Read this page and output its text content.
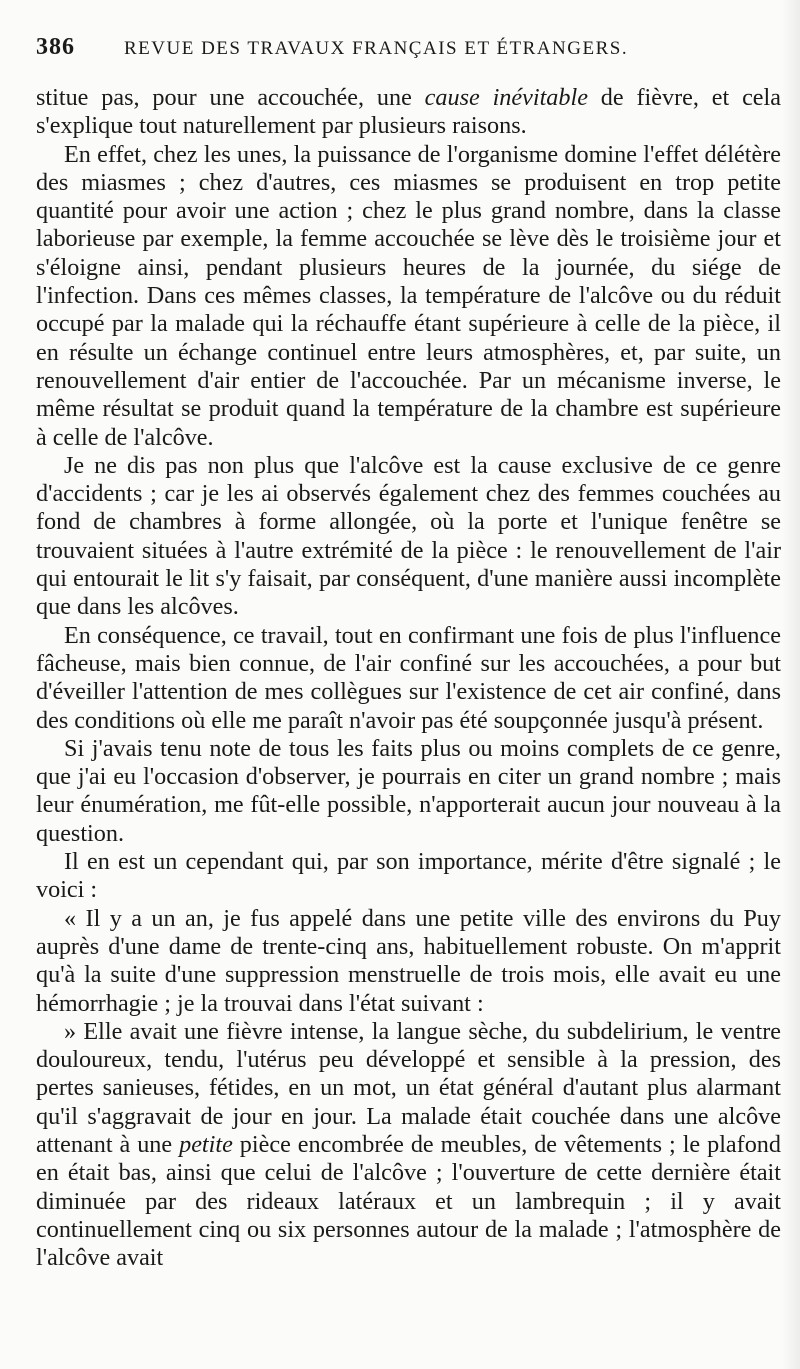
386	REVUE DES TRAVAUX FRANÇAIS ET ÉTRANGERS.

stitue pas, pour une accouchée, une cause inévitable de fièvre, et cela s'explique tout naturellement par plusieurs raisons.

En effet, chez les unes, la puissance de l'organisme domine l'effet délétère des miasmes ; chez d'autres, ces miasmes se produisent en trop petite quantité pour avoir une action ; chez le plus grand nombre, dans la classe laborieuse par exemple, la femme accouchée se lève dès le troisième jour et s'éloigne ainsi, pendant plusieurs heures de la journée, du siége de l'infection. Dans ces mêmes classes, la température de l'alcôve ou du réduit occupé par la malade qui la réchauffe étant supérieure à celle de la pièce, il en résulte un échange continuel entre leurs atmosphères, et, par suite, un renouvellement d'air entier de l'accouchée. Par un mécanisme inverse, le même résultat se produit quand la température de la chambre est supérieure à celle de l'alcôve.

Je ne dis pas non plus que l'alcôve est la cause exclusive de ce genre d'accidents ; car je les ai observés également chez des femmes couchées au fond de chambres à forme allongée, où la porte et l'unique fenêtre se trouvaient situées à l'autre extrémité de la pièce : le renouvellement de l'air qui entourait le lit s'y faisait, par conséquent, d'une manière aussi incomplète que dans les alcôves.

En conséquence, ce travail, tout en confirmant une fois de plus l'influence fâcheuse, mais bien connue, de l'air confiné sur les accouchées, a pour but d'éveiller l'attention de mes collègues sur l'existence de cet air confiné, dans des conditions où elle me paraît n'avoir pas été soupçonnée jusqu'à présent.

Si j'avais tenu note de tous les faits plus ou moins complets de ce genre, que j'ai eu l'occasion d'observer, je pourrais en citer un grand nombre ; mais leur énumération, me fût-elle possible, n'apporterait aucun jour nouveau à la question.

Il en est un cependant qui, par son importance, mérite d'être signalé ; le voici :

« Il y a un an, je fus appelé dans une petite ville des environs du Puy auprès d'une dame de trente-cinq ans, habituellement robuste. On m'apprit qu'à la suite d'une suppression menstruelle de trois mois, elle avait eu une hémorrhagie ; je la trouvai dans l'état suivant :

» Elle avait une fièvre intense, la langue sèche, du subdelirium, le ventre douloureux, tendu, l'utérus peu développé et sensible à la pression, des pertes sanieuses, fétides, en un mot, un état général d'autant plus alarmant qu'il s'aggravait de jour en jour. La malade était couchée dans une alcôve attenant à une petite pièce encombrée de meubles, de vêtements ; le plafond en était bas, ainsi que celui de l'alcôve ; l'ouverture de cette dernière était diminuée par des rideaux latéraux et un lambrequin ; il y avait continuellement cinq ou six personnes autour de la malade ; l'atmosphère de l'alcôve avait
